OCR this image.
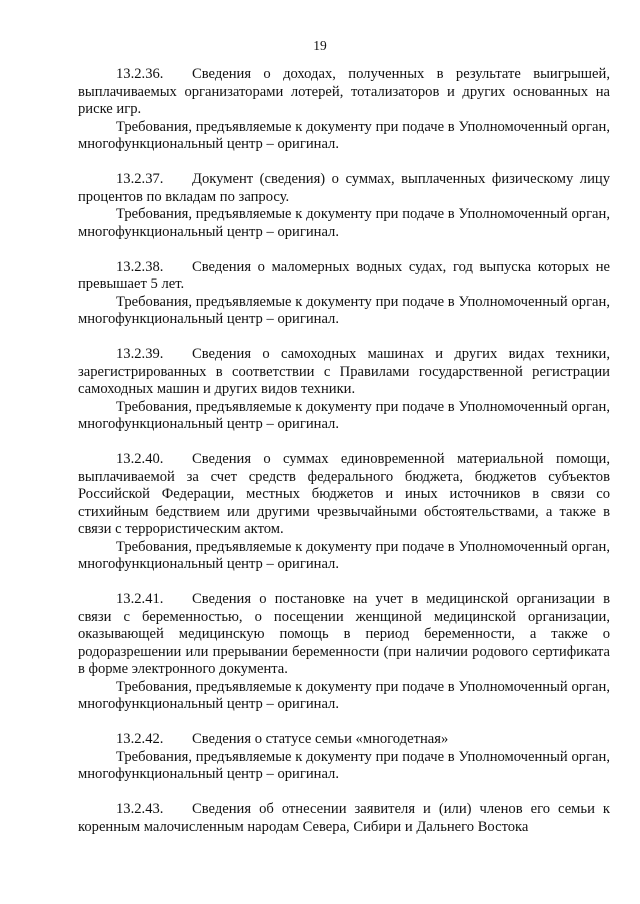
19

13.2.36. Сведения о доходах, полученных в результате выигрышей, выплачиваемых организаторами лотерей, тотализаторов и других основанных на риске игр.

Требования, предъявляемые к документу при подаче в Уполномоченный орган, многофункциональный центр – оригинал.

13.2.37. Документ (сведения) о суммах, выплаченных физическому лицу процентов по вкладам по запросу.

Требования, предъявляемые к документу при подаче в Уполномоченный орган, многофункциональный центр – оригинал.

13.2.38. Сведения о маломерных водных судах, год выпуска которых не превышает 5 лет.

Требования, предъявляемые к документу при подаче в Уполномоченный орган, многофункциональный центр – оригинал.

13.2.39. Сведения о самоходных машинах и других видах техники, зарегистрированных в соответствии с Правилами государственной регистрации самоходных машин и других видов техники.

Требования, предъявляемые к документу при подаче в Уполномоченный орган, многофункциональный центр – оригинал.

13.2.40. Сведения о суммах единовременной материальной помощи, выплачиваемой за счет средств федерального бюджета, бюджетов субъектов Российской Федерации, местных бюджетов и иных источников в связи со стихийным бедствием или другими чрезвычайными обстоятельствами, а также в связи с террористическим актом.

Требования, предъявляемые к документу при подаче в Уполномоченный орган, многофункциональный центр – оригинал.

13.2.41. Сведения о постановке на учет в медицинской организации в связи с беременностью, о посещении женщиной медицинской организации, оказывающей медицинскую помощь в период беременности, а также о родоразрешении или прерывании беременности (при наличии родового сертификата в форме электронного документа.

Требования, предъявляемые к документу при подаче в Уполномоченный орган, многофункциональный центр – оригинал.

13.2.42. Сведения о статусе семьи «многодетная»

Требования, предъявляемые к документу при подаче в Уполномоченный орган, многофункциональный центр – оригинал.

13.2.43. Сведения об отнесении заявителя и (или) членов его семьи к коренным малочисленным народам Севера, Сибири и Дальнего Востока
